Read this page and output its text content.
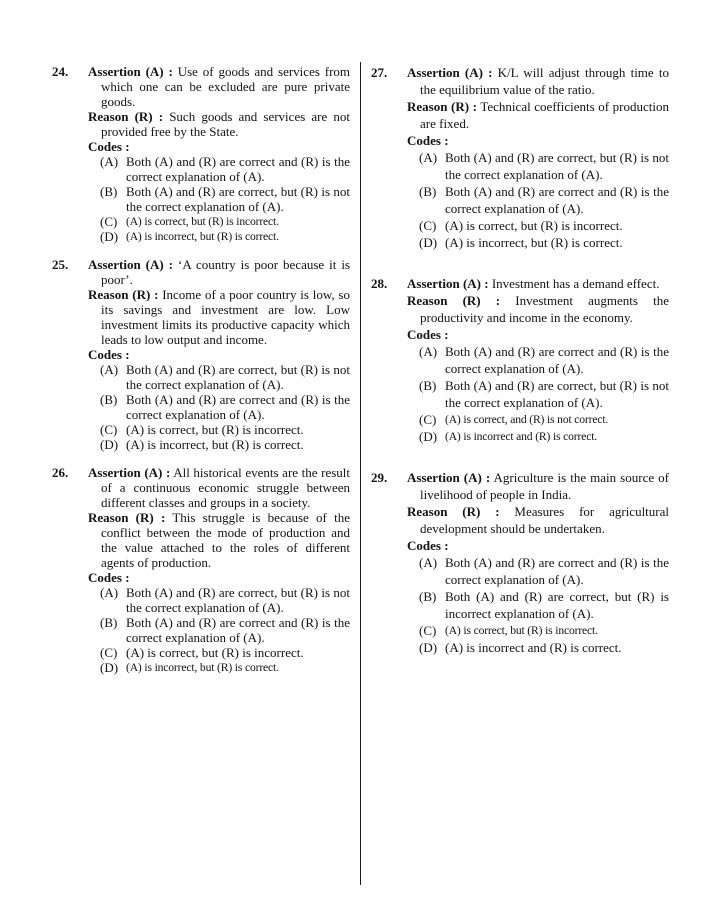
24.	Assertion (A) : Use of goods and services from which one can be excluded are pure private goods.

Reason (R) : Such goods and services are not provided free by the State.

Codes :

(A) Both (A) and (R) are correct and (R) is the correct explanation of (A).
(B) Both (A) and (R) are correct, but (R) is not the correct explanation of (A).
(C) (A) is correct, but (R) is incorrect.
(D) (A) is incorrect, but (R) is correct.
25.	Assertion (A) : ‘A country is poor because it is poor’.

Reason (R) : Income of a poor country is low, so its savings and investment are low. Low investment limits its productive capacity which leads to low output and income.

Codes :

(A) Both (A) and (R) are correct, but (R) is not the correct explanation of (A).
(B) Both (A) and (R) are correct and (R) is the correct explanation of (A).
(C) (A) is correct, but (R) is incorrect.
(D) (A) is incorrect, but (R) is correct.
26.	Assertion (A) : All historical events are the result of a continuous economic struggle between different classes and groups in a society.

Reason (R) : This struggle is because of the conflict between the mode of production and the value attached to the roles of different agents of production.

Codes :

(A) Both (A) and (R) are correct, but (R) is not the correct explanation of (A).
(B) Both (A) and (R) are correct and (R) is the correct explanation of (A).
(C) (A) is correct, but (R) is incorrect.
(D) (A) is incorrect, but (R) is correct.
27.	Assertion (A) : K/L will adjust through time to the equilibrium value of the ratio.

Reason (R) : Technical coefficients of production are fixed.

Codes :

(A) Both (A) and (R) are correct, but (R) is not the correct explanation of (A).
(B) Both (A) and (R) are correct and (R) is the correct explanation of (A).
(C) (A) is correct, but (R) is incorrect.
(D) (A) is incorrect, but (R) is correct.
28.	Assertion (A) : Investment has a demand effect.

Reason (R) : Investment augments the productivity and income in the economy.

Codes :

(A) Both (A) and (R) are correct and (R) is the correct explanation of (A).
(B) Both (A) and (R) are correct, but (R) is not the correct explanation of (A).
(C) (A) is correct, and (R) is not correct.
(D) (A) is incorrect and (R) is correct.
29.	Assertion (A) : Agriculture is the main source of livelihood of people in India.

Reason (R) : Measures for agricultural development should be undertaken.

Codes :

(A) Both (A) and (R) are correct and (R) is the correct explanation of (A).
(B) Both (A) and (R) are correct, but (R) is incorrect explanation of (A).
(C) (A) is correct, but (R) is incorrect.
(D) (A) is incorrect and (R) is correct.
